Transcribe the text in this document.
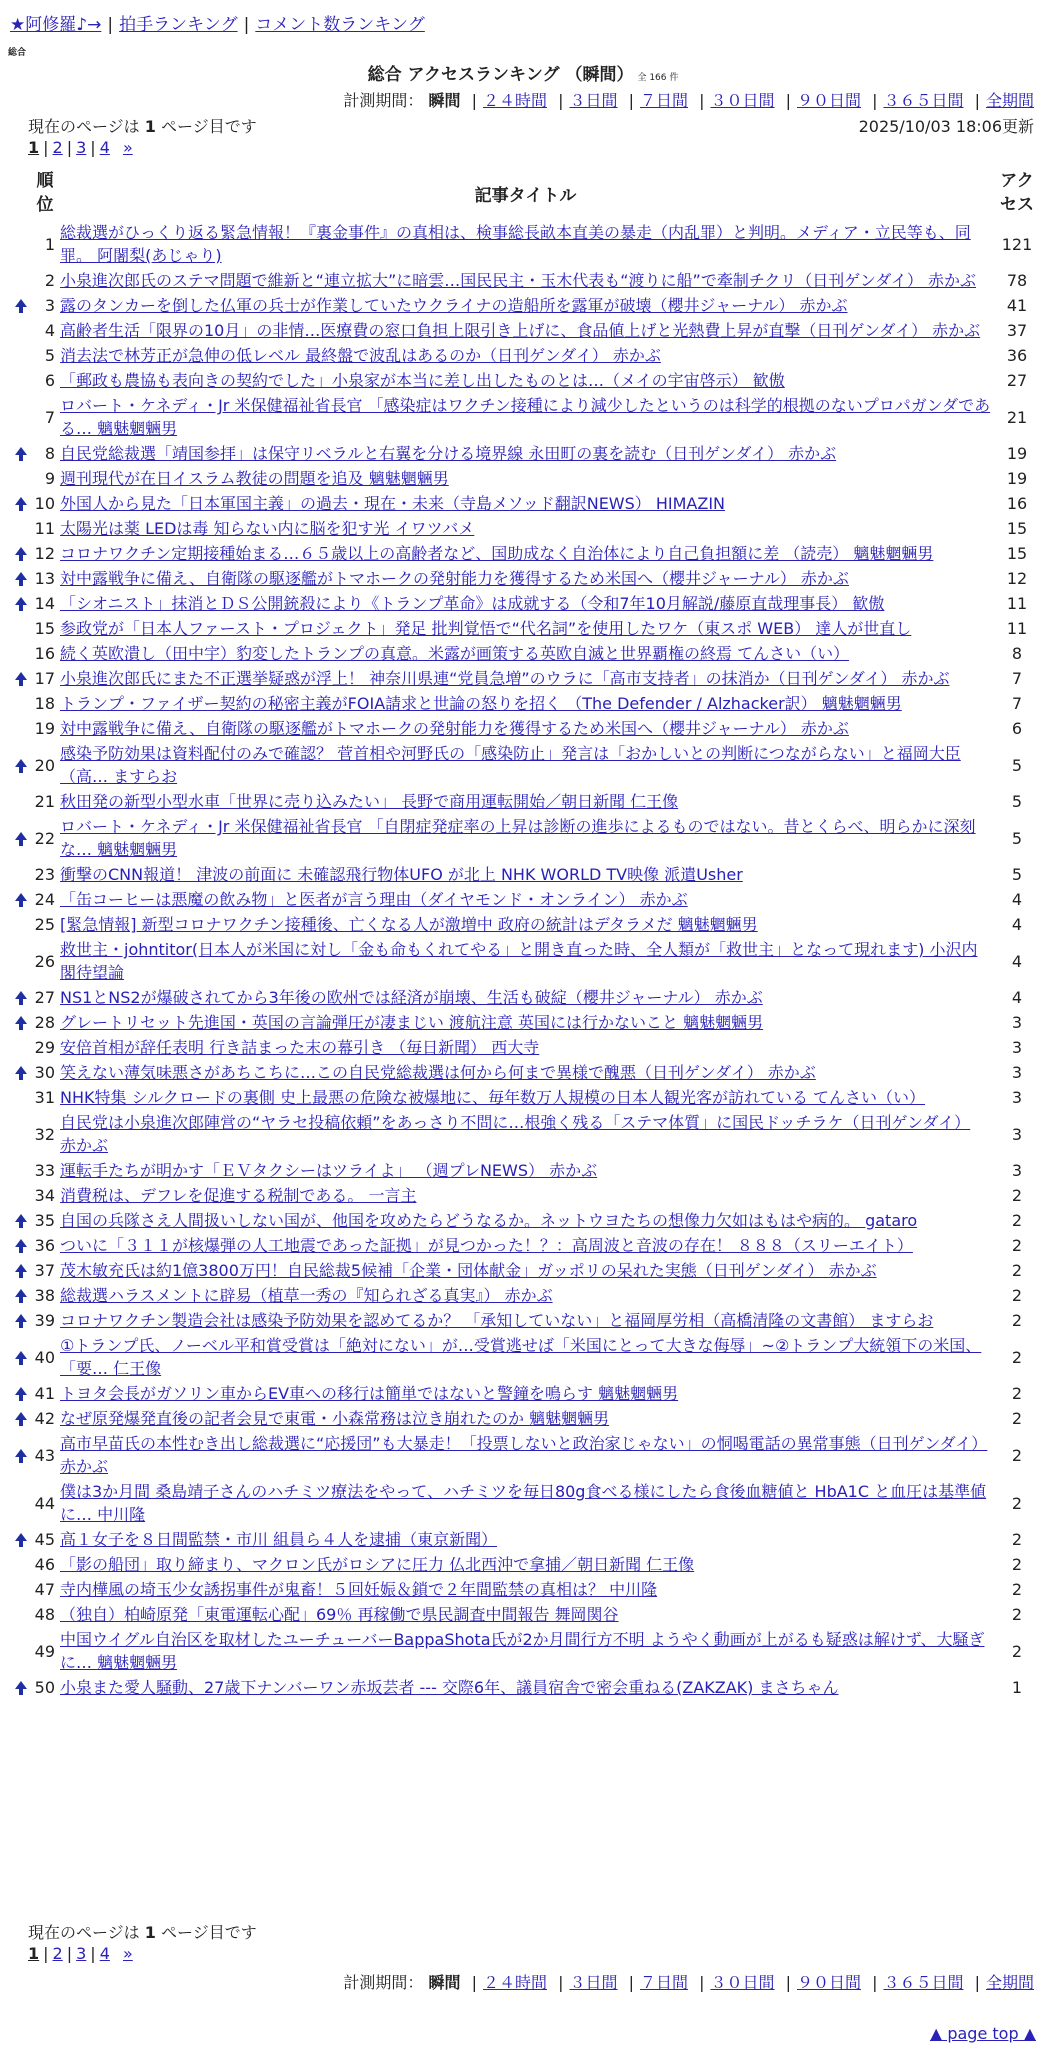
★阿修羅♪→ | 拍手ランキング | コメント数ランキング
総合
総合 アクセスランキング （瞬間） 全 166 件
計測期間： 瞬間 | ２４時間 | ３日間 | ７日間 | ３０日間 | ９０日間 | ３６５日間 | 全期間
現在のページは 1 ページ目です	2025/10/03 18:06更新
1 | 2 | 3 | 4 »
順位		記事タイトル	アクセス
	1	総裁選がひっくり返る緊急情報！『裏金事件』の真相は、検事総長畝本直美の暴走（内乱罪）と判明。メディア・立民等も、同罪。 阿闍梨(あじゃり)	121
	2	小泉進次郎氏のステマ問題で維新と“連立拡大”に暗雲…国民民主・玉木代表も“渡りに船”で牽制チクリ（日刊ゲンダイ） 赤かぶ	78
	3	露のタンカーを倒した仏軍の兵士が作業していたウクライナの造船所を露軍が破壊（櫻井ジャーナル） 赤かぶ	41
	4	高齢者生活「限界の10月」の非情…医療費の窓口負担上限引き上げに、食品値上げと光熱費上昇が直撃（日刊ゲンダイ） 赤かぶ	37
	5	消去法で林芳正が急伸の低レベル 最終盤で波乱はあるのか（日刊ゲンダイ） 赤かぶ	36
	6	「郵政も農協も表向きの契約でした」小泉家が本当に差し出したものとは…（メイの宇宙啓示） 歓傲	27
	7	ロバート・ケネディ・Jr 米保健福祉省長官 「感染症はワクチン接種により減少したというのは科学的根拠のないプロパガンダである… 魑魅魍魎男	21
	8	自民党総裁選「靖国参拝」は保守リベラルと右翼を分ける境界線 永田町の裏を読む（日刊ゲンダイ） 赤かぶ	19
	9	週刊現代が在日イスラム教徒の問題を追及 魑魅魍魎男	19
	10	外国人から見た「日本軍国主義」の過去・現在・未来（寺島メソッド翻訳NEWS） HIMAZIN	16
	11	太陽光は薬 LEDは毒 知らない内に脳を犯す光 イワツバメ	15
	12	コロナワクチン定期接種始まる…６５歳以上の高齢者など、国助成なく自治体により自己負担額に差 （読売） 魑魅魍魎男	15
	13	対中露戦争に備え、自衛隊の駆逐艦がトマホークの発射能力を獲得するため米国へ（櫻井ジャーナル） 赤かぶ	12
	14	「シオニスト」抹消とＤＳ公開銃殺により《トランプ革命》は成就する（令和7年10月解説/藤原直哉理事長） 歓傲	11
	15	参政党が「日本人ファースト・プロジェクト」発足 批判覚悟で“代名詞”を使用したワケ（東スポ WEB） 達人が世直し	11
	16	続く英欧潰し（田中宇）豹変したトランプの真意。米露が画策する英欧自滅と世界覇権の終焉 てんさい（い）	8
	17	小泉進次郎氏にまた不正選挙疑惑が浮上！ 神奈川県連“党員急増”のウラに「高市支持者」の抹消か（日刊ゲンダイ） 赤かぶ	7
	18	トランプ・ファイザー契約の秘密主義がFOIA請求と世論の怒りを招く （The Defender / Alzhacker訳） 魑魅魍魎男	7
	19	対中露戦争に備え、自衛隊の駆逐艦がトマホークの発射能力を獲得するため米国へ（櫻井ジャーナル） 赤かぶ	6
	20	感染予防効果は資料配付のみで確認？ 菅首相や河野氏の「感染防止」発言は「おかしいとの判断につながらない」と福岡大臣（高… ますらお	5
	21	秋田発の新型小型水車「世界に売り込みたい」 長野で商用運転開始／朝日新聞 仁王像	5
	22	ロバート・ケネディ・Jr 米保健福祉省長官 「自閉症発症率の上昇は診断の進歩によるものではない。昔とくらべ、明らかに深刻な… 魑魅魍魎男	5
	23	衝撃のCNN報道！ 津波の前面に 未確認飛行物体UFO が北上 NHK WORLD TV映像 派遣Usher	5
	24	「缶コーヒーは悪魔の飲み物」と医者が言う理由（ダイヤモンド・オンライン） 赤かぶ	4
	25	[緊急情報] 新型コロナワクチン接種後、亡くなる人が激増中 政府の統計はデタラメだ 魑魅魍魎男	4
	26	救世主・johntitor(日本人が米国に対し「金も命もくれてやる」と開き直った時、全人類が「救世主」となって現れます) 小沢内閣待望論	4
	27	NS1とNS2が爆破されてから3年後の欧州では経済が崩壊、生活も破綻（櫻井ジャーナル） 赤かぶ	4
	28	グレートリセット先進国・英国の言論弾圧が凄まじい 渡航注意 英国には行かないこと 魑魅魍魎男	3
	29	安倍首相が辞任表明 行き詰まった末の幕引き （毎日新聞） 西大寺	3
	30	笑えない薄気味悪さがあちこちに…この自民党総裁選は何から何まで異様で醜悪（日刊ゲンダイ） 赤かぶ	3
	31	NHK特集 シルクロードの裏側 史上最悪の危険な被爆地に、毎年数万人規模の日本人観光客が訪れている てんさい（い）	3
	32	自民党は小泉進次郎陣営の“ヤラセ投稿依頼”をあっさり不問に…根強く残る「ステマ体質」に国民ドッチラケ（日刊ゲンダイ） 赤かぶ	3
	33	運転手たちが明かす「ＥＶタクシーはツライよ」 （週プレNEWS） 赤かぶ	3
	34	消費税は、デフレを促進する税制である。 一言主	2
	35	自国の兵隊さえ人間扱いしない国が、他国を攻めたらどうなるか。ネットウヨたちの想像力欠如はもはや病的。 gataro	2
	36	ついに「３１１が核爆弾の人工地震であった証拠」が見つかった！？：高周波と音波の存在！ ８８８（スリーエイト）	2
	37	茂木敏充氏は約1億3800万円！自民総裁5候補「企業・団体献金」ガッポリの呆れた実態（日刊ゲンダイ） 赤かぶ	2
	38	総裁選ハラスメントに辟易（植草一秀の『知られざる真実』） 赤かぶ	2
	39	コロナワクチン製造会社は感染予防効果を認めてるか？ 「承知していない」と福岡厚労相（高橋清隆の文書館） ますらお	2
	40	①トランプ氏、ノーベル平和賞受賞は「絶対にない」が…受賞逃せば「米国にとって大きな侮辱」~②トランプ大統領下の米国、「要… 仁王像	2
	41	トヨタ会長がガソリン車からEV車への移行は簡単ではないと警鐘を鳴らす 魑魅魍魎男	2
	42	なぜ原発爆発直後の記者会見で東電・小森常務は泣き崩れたのか 魑魅魍魎男	2
	43	高市早苗氏の本性むき出し総裁選に“応援団”も大暴走！「投票しないと政治家じゃない」の恫喝電話の異常事態（日刊ゲンダイ） 赤かぶ	2
	44	僕は3か月間 桑島靖子さんのハチミツ療法をやって、ハチミツを毎日80g食べる様にしたら食後血糖値と HbA1C と血圧は基準値に… 中川隆	2
	45	高１女子を８日間監禁・市川 組員ら４人を逮捕（東京新聞）	2
	46	「影の船団」取り締まり、マクロン氏がロシアに圧力 仏北西沖で拿捕／朝日新聞 仁王像	2
	47	寺内樺風の埼玉少女誘拐事件が鬼畜！５回妊娠＆鎖で２年間監禁の真相は？ 中川隆	2
	48	（独自）柏崎原発「東電運転心配」69％ 再稼働で県民調査中間報告 舞岡関谷	2
	49	中国ウイグル自治区を取材したユーチューバーBappaShota氏が2か月間行方不明 ようやく動画が上がるも疑惑は解けず、大騒ぎに… 魑魅魍魎男	2
	50	小泉また愛人騒動、27歳下ナンバーワン赤坂芸者 --- 交際6年、議員宿舎で密会重ねる(ZAKZAK) まさちゃん	1
現在のページは 1 ページ目です
1 | 2 | 3 | 4 »
計測期間： 瞬間 | ２４時間 | ３日間 | ７日間 | ３０日間 | ９０日間 | ３６５日間 | 全期間
▲ page top ▲
